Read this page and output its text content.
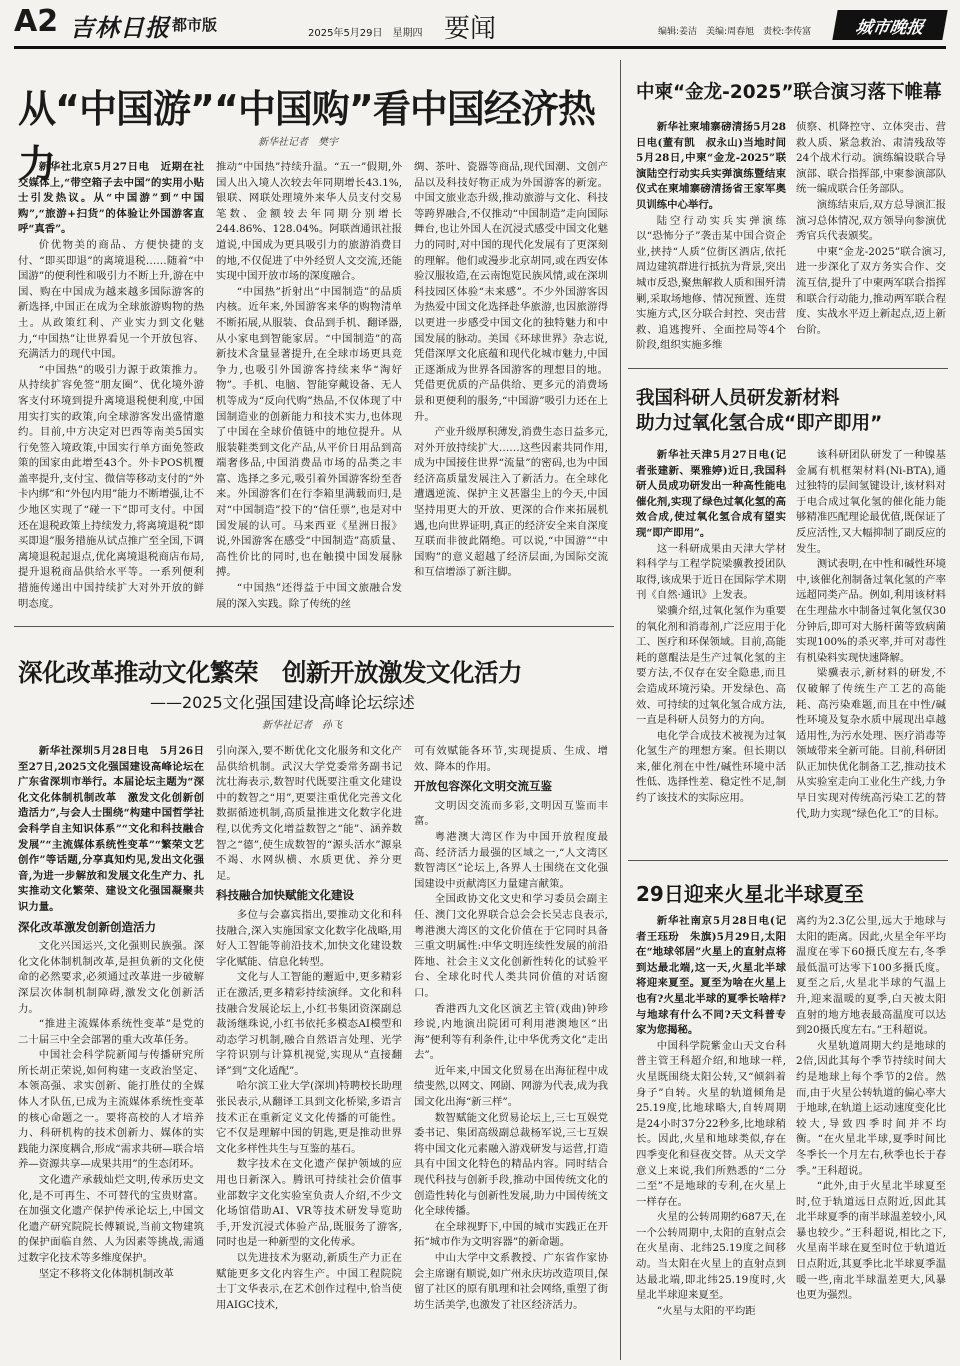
A2 吉林日报 都市版	2025年5月29日　星期四 要闻	编辑:姜洁　美编:周春旭　责校:李传富	城市晚报
从“中国游”“中国购”看中国经济热力	新华社记者　樊宇

新华社北京5月27日电　近期在社交媒体上,“带空箱子去中国”的实用小贴士引发热议。从“中国游”到“中国购”,“旅游+扫货”的体验让外国游客直呼“真香”。

价优物美的商品、方便快捷的支付、“即买即退”的离境退税……随着“中国游”的便利性和吸引力不断上升,游在中国、购在中国成为越来越多国际游客的新选择,中国正在成为全球旅游购物的热土。从政策红利、产业实力到文化魅力,“中国热”让世界看见一个开放包容、充满活力的现代中国。

“中国热”的吸引力源于政策推力。从持续扩容免签“朋友圈”、优化境外游客支付环境到提升离境退税便利度,中国用实打实的政策,向全球游客发出盛情邀约。目前,中方决定对巴西等南美5国实行免签入境政策,中国实行单方面免签政策的国家由此增至43个。外卡POS机覆盖率提升,支付宝、微信等移动支付的“外卡内绑”和“外包内用”能力不断增强,让不少地区实现了“碰一下”即可支付。中国还在退税政策上持续发力,将离境退税“即买即退”服务措施从试点推广至全国,下调离境退税起退点,优化离境退税商店布局,提升退税商品供给水平等。一系列便利措施传递出中国持续扩大对外开放的鲜明态度。

推动“中国热”持续升温。“五一”假期,外国人出入境人次较去年同期增长43.1%,银联、网联处理境外来华人员支付交易笔数、金额较去年同期分别增长244.86%、128.04%。阿联酋通讯社报道说,中国成为更具吸引力的旅游消费目的地,不仅促进了中外经贸人文交流,还能实现中国开放市场的深度融合。

“中国热”折射出“中国制造”的品质内核。近年来,外国游客来华的购物清单不断拓展,从服装、食品到手机、翻译器,从小家电到智能家居。“中国制造”的高新技术含量显著提升,在全球市场更具竞争力,也吸引外国游客持续来华“淘好物”。手机、电脑、智能穿戴设备、无人机等成为“反向代购”热品,不仅体现了中国制造业的创新能力和技术实力,也体现了中国在全球价值链中的地位提升。从服装鞋类到文化产品,从平价日用品到高端奢侈品,中国消费品市场的品类之丰富、选择之多元,吸引着外国游客纷至沓来。外国游客们在行李箱里满载而归,是对“中国制造”投下的“信任票”,也是对中国发展的认可。马来西亚《星洲日报》说,外国游客在感受“中国制造”高质量、高性价比的同时,也在触摸中国发展脉搏。

“中国热”还得益于中国文旅融合发展的深入实践。除了传统的丝

绸、茶叶、瓷器等商品,现代国潮、文创产品以及科技好物正成为外国游客的新宠。中国文旅业态升级,推动旅游与文化、科技等跨界融合,不仅推动“中国制造”走向国际舞台,也让外国人在沉浸式感受中国文化魅力的同时,对中国的现代化发展有了更深刻的理解。他们或漫步北京胡同,或在西安体验汉服妆造,在云南饱览民族风情,或在深圳科技园区体验“未来感”。不少外国游客因为热爱中国文化选择赴华旅游,也因旅游得以更进一步感受中国文化的独特魅力和中国发展的脉动。美国《环球世界》杂志说,凭借深厚文化底蕴和现代化城市魅力,中国正逐渐成为世界各国游客的理想目的地。凭借更优质的产品供给、更多元的消费场景和更便利的服务,“中国游”吸引力还在上升。

产业升级厚积薄发,消费生态日益多元,对外开放持续扩大……这些因素共同作用,成为中国接住世界“流量”的密码,也为中国经济高质量发展注入了新活力。在全球化遭遇逆流、保护主义甚嚣尘上的今天,中国坚持用更大的开放、更深的合作来拓展机遇,也向世界证明,真正的经济安全来自深度互联而非彼此隔绝。可以说,“中国游”“中国购”的意义超越了经济层面,为国际交流和互信增添了新注脚。

中柬“金龙-2025”联合演习落下帷幕

新华社柬埔寨磅清扬5月28日电(董有凯　叔永山)当地时间5月28日,中柬“金龙-2025”联演陆空行动实兵实弹演练暨结束仪式在柬埔寨磅清扬省王家军奥贝训练中心举行。

陆空行动实兵实弹演练以“恐怖分子”袭击某中国合资企业,挟持“人质”位街区酒店,依托周边建筑群进行抵抗为背景,突出城市反恐,聚焦解救人质和围歼清剿,采取场地修、情况预置、连贯实施方式,区分联合封控、突击营救、追逃搜歼、全面控局等4个阶段,组织实施多维

侦察、机降控守、立体突击、营救人质、紧急救治、肃清残敌等24个战术行动。演练编设联合导演部、联合指挥部,中柬参演部队统一编成联合任务部队。

演练结束后,双方总导演汇报演习总体情况,双方领导向参演优秀官兵代表颁奖。

中柬“金龙-2025”联合演习,进一步深化了双方务实合作、交流互信,提升了中柬两军联合指挥和联合行动能力,推动两军联合程度、实战水平迈上新起点,迈上新台阶。

我国科研人员研发新材料
助力过氧化氢合成“即产即用”

新华社天津5月27日电(记者张建新、栗雅婷)近日,我国科研人员成功研发出一种高性能电催化剂,实现了绿色过氧化氢的高效合成,使过氧化氢合成有望实现“即产即用”。

这一科研成果由天津大学材料科学与工程学院梁骥教授团队取得,该成果于近日在国际学术期刊《自然·通讯》上发表。

梁骥介绍,过氧化氢作为重要的氧化剂和消毒剂,广泛应用于化工、医疗和环保领域。目前,高能耗的蒽醌法是生产过氧化氢的主要方法,不仅存在安全隐患,而且会造成环境污染。开发绿色、高效、可持续的过氧化氢合成方法,一直是科研人员努力的方向。

电化学合成技术被视为过氧化氢生产的理想方案。但长期以来,催化剂在中性/碱性环境中活性低、选择性差、稳定性不足,制约了该技术的实际应用。

该科研团队研发了一种镍基金属有机框架材料(Ni-BTA),通过独特的层间氢键设计,该材料对于电合成过氧化氢的催化能力能够精准匹配理论最优值,既保证了反应活性,又大幅抑制了副反应的发生。

测试表明,在中性和碱性环境中,该催化剂制备过氧化氢的产率远超同类产品。例如,利用该材料在生理盐水中制备过氧化氢仅30分钟后,即可对大肠杆菌等致病菌实现100%的杀灭率,并可对毒性有机染料实现快速降解。

梁骥表示,新材料的研发,不仅破解了传统生产工艺的高能耗、高污染难题,而且在中性/碱性环境及复杂水质中展现出卓越适用性,为污水处理、医疗消毒等领域带来全新可能。目前,科研团队正加快优化制备工艺,推动技术从实验室走向工业化生产线,力争早日实现对传统高污染工艺的替代,助力实现“绿色化工”的目标。

29日迎来火星北半球夏至

新华社南京5月28日电(记者王珏玢　朱旗)5月29日,太阳在“地球邻居”火星上的直射点将到达最北端,这一天,火星北半球将迎来夏至。夏至为啥在火星上也有?火星北半球的夏季长啥样?与地球有什么不同?天文科普专家为您揭秘。

中国科学院紫金山天文台科普主管王科超介绍,和地球一样,火星既围绕太阳公转,又“倾斜着身子”自转。火星的轨道倾角是25.19度,比地球略大,自转周期是24小时37分22秒多,比地球稍长。因此,火星和地球类似,存在四季变化和昼夜交替。从天文学意义上来说,我们所熟悉的“二分二至”不是地球的专利,在火星上一样存在。

火星的公转周期约687天,在一个公转周期中,太阳的直射点会在火星南、北纬25.19度之间移动。当太阳在火星上的直射点到达最北端,即北纬25.19度时,火星北半球迎来夏至。

“火星与太阳的平均距

离约为2.3亿公里,远大于地球与太阳的距离。因此,火星全年平均温度在零下60摄氏度左右,冬季最低温可达零下100多摄氏度。夏至之后,火星北半球的气温上升,迎来温暖的夏季,白天被太阳直射的地方地表最高温度可以达到20摄氏度左右。”王科超说。

火星轨道周期大约是地球的2倍,因此其每个季节持续时间大约是地球上每个季节的2倍。然而,由于火星公转轨道的偏心率大于地球,在轨道上运动速度变化比较大,导致四季时间并不均衡。“在火星北半球,夏季时间比冬季长一个月左右,秋季也长于春季。”王科超说。

“此外,由于火星北半球夏至时,位于轨道远日点附近,因此其北半球夏季的南半球温差较小,风暴也较少。”王科超说,相比之下,火星南半球在夏至时位于轨道近日点附近,其夏季比北半球夏季温暖一些,南北半球温差更大,风暴也更为强烈。

深化改革推动文化繁荣　创新开放激发文化活力
——2025文化强国建设高峰论坛综述
新华社记者　孙飞

新华社深圳5月28日电　5月26日至27日,2025文化强国建设高峰论坛在广东省深圳市举行。本届论坛主题为“深化文化体制机制改革　激发文化创新创造活力”,与会人士围绕“构建中国哲学社会科学自主知识体系”“文化和科技融合发展”“主流媒体系统性变革”“繁荣文艺创作”等话题,分享真知灼见,发出文化强音,为进一步解放和发展文化生产力、扎实推动文化繁荣、建设文化强国凝聚共识力量。

深化改革激发创新创造活力

文化兴国运兴,文化强则民族强。深化文化体制机制改革,是担负新的文化使命的必然要求,必须通过改革进一步破解深层次体制机制障碍,激发文化创新活力。

“推进主流媒体系统性变革”是党的二十届三中全会部署的重大改革任务。

中国社会科学院新闻与传播研究所所长胡正荣说,如何构建一支政治坚定、本领高强、求实创新、能打胜仗的全媒体人才队伍,已成为主流媒体系统性变革的核心命题之一。要将高校的人才培养力、科研机构的技术创新力、媒体的实践能力深度耦合,形成“需求共研—联合培养—资源共享—成果共用”的生态闭环。

文化遗产承载灿烂文明,传承历史文化,是不可再生、不可替代的宝贵财富。在加强文化遗产保护传承论坛上,中国文化遗产研究院院长傅颖说,当前文物建筑的保护面临自然、人为因素等挑战,需通过数字化技术等多维度保护。

坚定不移将文化体制机制改革

引向深入,要不断优化文化服务和文化产品供给机制。武汉大学党委常务副书记沈壮海表示,数智时代既要注重文化建设中的数智之“用”,更要注重优化完善文化数据循迹机制,高质量推进文化数字化进程,以优秀文化增益数智之“能”、涵养数智之“德”,使生成数智的“源头活水”源泉不竭、水网纵横、水质更优、养分更足。

科技融合加快赋能文化建设

多位与会嘉宾指出,要推动文化和科技融合,深入实施国家文化数字化战略,用好人工智能等前沿技术,加快文化建设数字化赋能、信息化转型。

文化与人工智能的邂逅中,更多精彩正在激活,更多精彩持续演绎。文化和科技融合发展论坛上,小红书集团资深副总裁汤继珠说,小红书依托多模态AI模型和动态学习机制,融合自然语言处理、光学字符识别与计算机视觉,实现从“直接翻译”到“文化适配”。

哈尔滨工业大学(深圳)特聘校长助理张民表示,从翻译工具到文化桥梁,多语言技术正在重新定义文化传播的可能性。它不仅是理解中国的钥匙,更是推动世界文化多样性共生与互鉴的基石。

数字技术在文化遗产保护领域的应用也日新深入。腾讯可持续社会价值事业部数字文化实验室负责人介绍,不少文化场馆借助AI、VR等技术研发导览助手,开发沉浸式体验产品,既服务了游客,同时也是一种新型的文化传承。

以先进技术为驱动,新质生产力正在赋能更多文化内容生产。中国工程院院士丁文华表示,在艺术创作过程中,恰当使用AIGC技术,

可有效赋能各环节,实现提质、生成、增效、降本的作用。

开放包容深化文明交流互鉴

文明因交流而多彩,文明因互鉴而丰富。

粤港澳大湾区作为中国开放程度最高、经济活力最强的区域之一,“人文湾区数智湾区”论坛上,各界人士围绕在文化强国建设中贡献湾区力量建言献策。

全国政协文化文史和学习委员会副主任、澳门文化界联合总会会长吴志良表示,粤港澳大湾区的文化价值在于它同时具备三重文明属性:中华文明连续性发展的前沿阵地、社会主义文化创新性转化的试验平台、全球化时代人类共同价值的对话窗口。

香港西九文化区演艺主管(戏曲)钟珍珍说,内地演出院团可利用港澳地区“出海”便利等有利条件,让中华优秀文化“走出去”。

近年来,中国文化贸易在出海征程中成绩斐然,以网文、网剧、网游为代表,成为我国文化出海“新三样”。

数智赋能文化贸易论坛上,三七互娱党委书记、集团高级副总裁杨军说,三七互娱将中国文化元素融入游戏研发与运营,打造具有中国文化特色的精品内容。同时结合现代科技与创新手段,推动中国传统文化的创造性转化与创新性发展,助力中国传统文化全球传播。

在全球视野下,中国的城市实践正在开拓“城市作为文明容器”的新命题。

中山大学中文系教授、广东省作家协会主席谢有顺说,如广州永庆坊改造项目,保留了社区的原有肌理和社会网络,重塑了街坊生活美学,也激发了社区经济活力。
